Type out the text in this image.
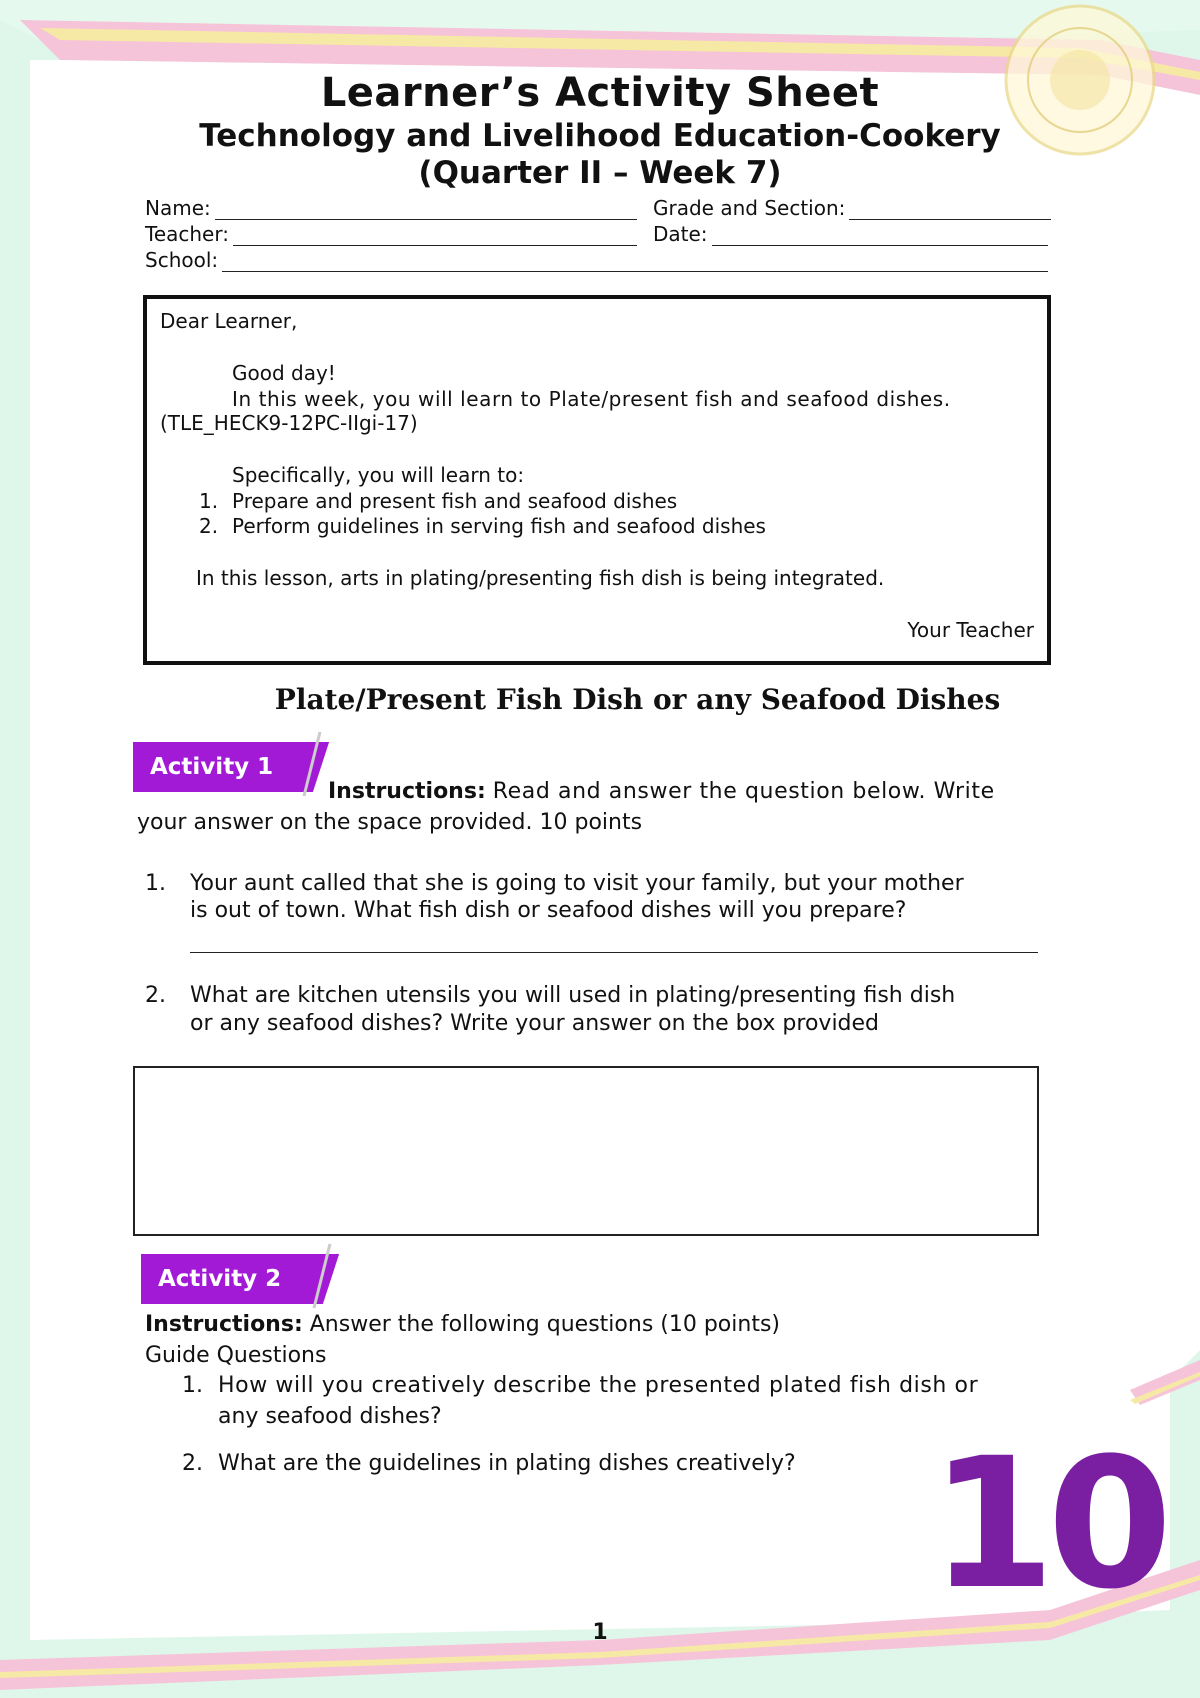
Learner’s Activity Sheet
Technology and Livelihood Education-Cookery
(Quarter II – Week 7)
Name:	Grade and Section:
Teacher:	Date:
School:

Dear Learner,

Good day!

In this week, you will learn to Plate/present fish and seafood dishes.

(TLE_HECK9-12PC-IIgi-17)

Specifically, you will learn to:

1. Prepare and present fish and seafood dishes

2. Perform guidelines in serving fish and seafood dishes

In this lesson, arts in plating/presenting fish dish is being integrated.

Your Teacher

Plate/Present Fish Dish or any Seafood Dishes
Activity 1
Instructions: Read and answer the question below. Write
your answer on the space provided. 10 points
1. Your aunt called that she is going to visit your family, but your mother
is out of town. What fish dish or seafood dishes will you prepare?
2. What are kitchen utensils you will used in plating/presenting fish dish
or any seafood dishes? Write your answer on the box provided
Activity 2
Instructions: Answer the following questions (10 points)
Guide Questions
1. How will you creatively describe the presented plated fish dish or
any seafood dishes?
2. What are the guidelines in plating dishes creatively? 10
1
